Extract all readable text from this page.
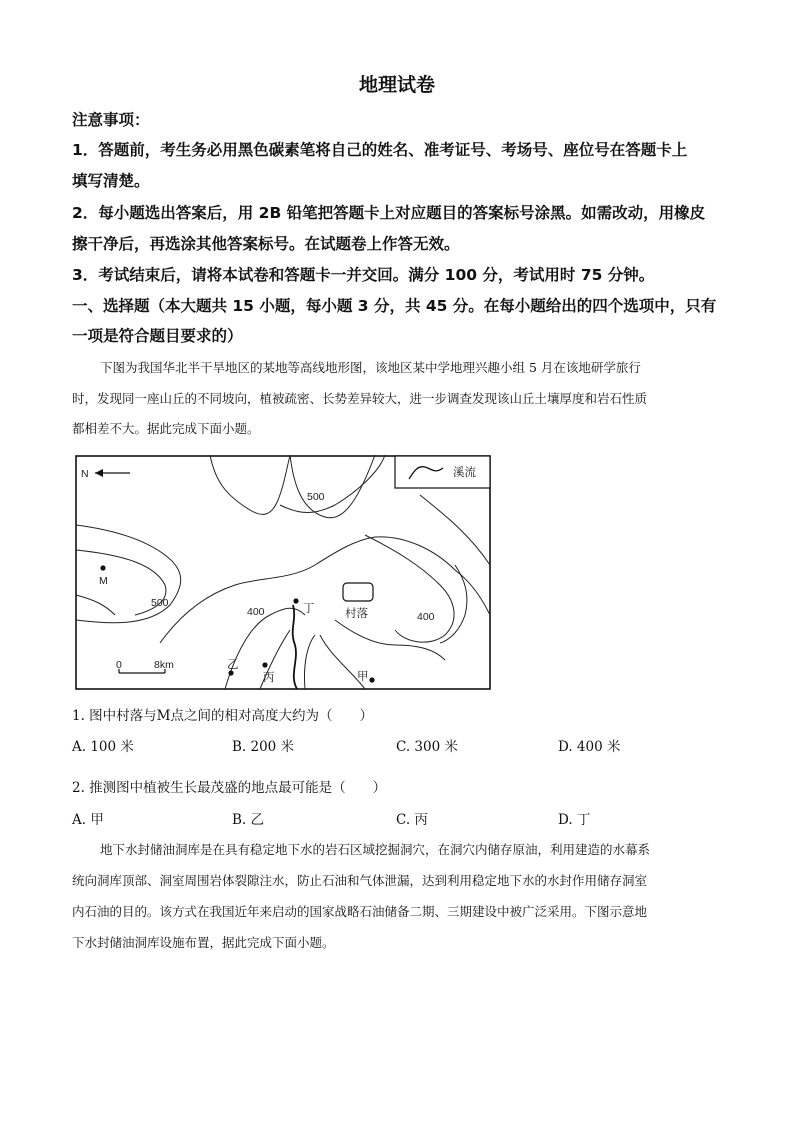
地理试卷
注意事项：
1．答题前，考生务必用黑色碳素笔将自己的姓名、准考证号、考场号、座位号在答题卡上
填写清楚。
2．每小题选出答案后，用 2B 铅笔把答题卡上对应题目的答案标号涂黑。如需改动，用橡皮
擦干净后，再选涂其他答案标号。在试题卷上作答无效。
3．考试结束后，请将本试卷和答题卡一并交回。满分 100 分，考试用时 75 分钟。
一、选择题（本大题共 15 小题，每小题 3 分，共 45 分。在每小题给出的四个选项中，只有
一项是符合题目要求的）
下图为我国华北半干旱地区的某地等高线地形图，该地区某中学地理兴趣小组 5 月在该地研学旅行
时，发现同一座山丘的不同坡向，植被疏密、长势差异较大，进一步调查发现该山丘土壤厚度和岩石性质
都相差不大。据此完成下面小题。
N	溪流
500
500
400	400
M
丁	村落
0	8km	乙
丙	甲
1. 图中村落与M点之间的相对高度大约为（　　）
A. 100 米	B. 200 米	C. 300 米	D. 400 米
2. 推测图中植被生长最茂盛的地点最可能是（　　）
A. 甲	B. 乙	C. 丙	D. 丁
地下水封储油洞库是在具有稳定地下水的岩石区域挖掘洞穴，在洞穴内储存原油，利用建造的水幕系
统向洞库顶部、洞室周围岩体裂隙注水，防止石油和气体泄漏，达到利用稳定地下水的水封作用储存洞室
内石油的目的。该方式在我国近年来启动的国家战略石油储备二期、三期建设中被广泛采用。下图示意地
下水封储油洞库设施布置，据此完成下面小题。
